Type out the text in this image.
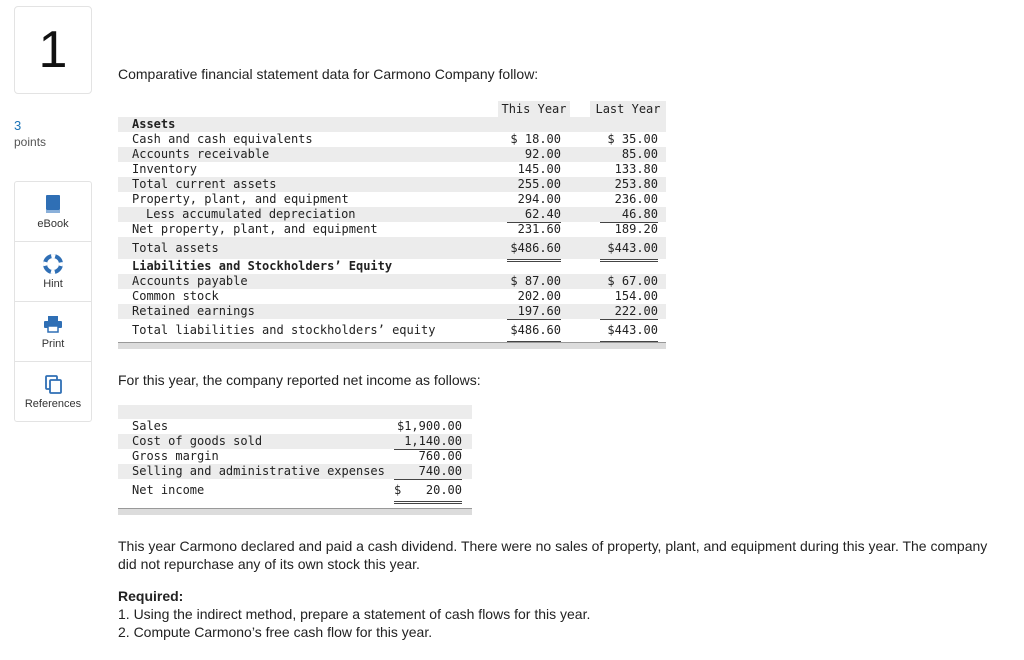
1
3
points
eBook
Hint
Print
References
Comparative financial statement data for Carmono Company follow:
This Year	Last Year
Assets
Cash and cash equivalents	$ 18.00	$ 35.00
Accounts receivable	92.00	85.00
Inventory	145.00	133.80
Total current assets	255.00	253.80
Property, plant, and equipment	294.00	236.00
Less accumulated depreciation	62.40	46.80
Net property, plant, and equipment	231.60	189.20
Total assets	$486.60	$443.00
Liabilities and Stockholders’ Equity
Accounts payable	$ 87.00	$ 67.00
Common stock	202.00	154.00
Retained earnings	197.60	222.00
Total liabilities and stockholders’ equity	$486.60	$443.00
For this year, the company reported net income as follows:
Sales	$1,900.00
Cost of goods sold	1,140.00
Gross margin	760.00
Selling and administrative expenses	740.00
Net income	$ 20.00
This year Carmono declared and paid a cash dividend. There were no sales of property, plant, and equipment during this year. The company did not repurchase any of its own stock this year.
Required:
1. Using the indirect method, prepare a statement of cash flows for this year.
2. Compute Carmono’s free cash flow for this year.
